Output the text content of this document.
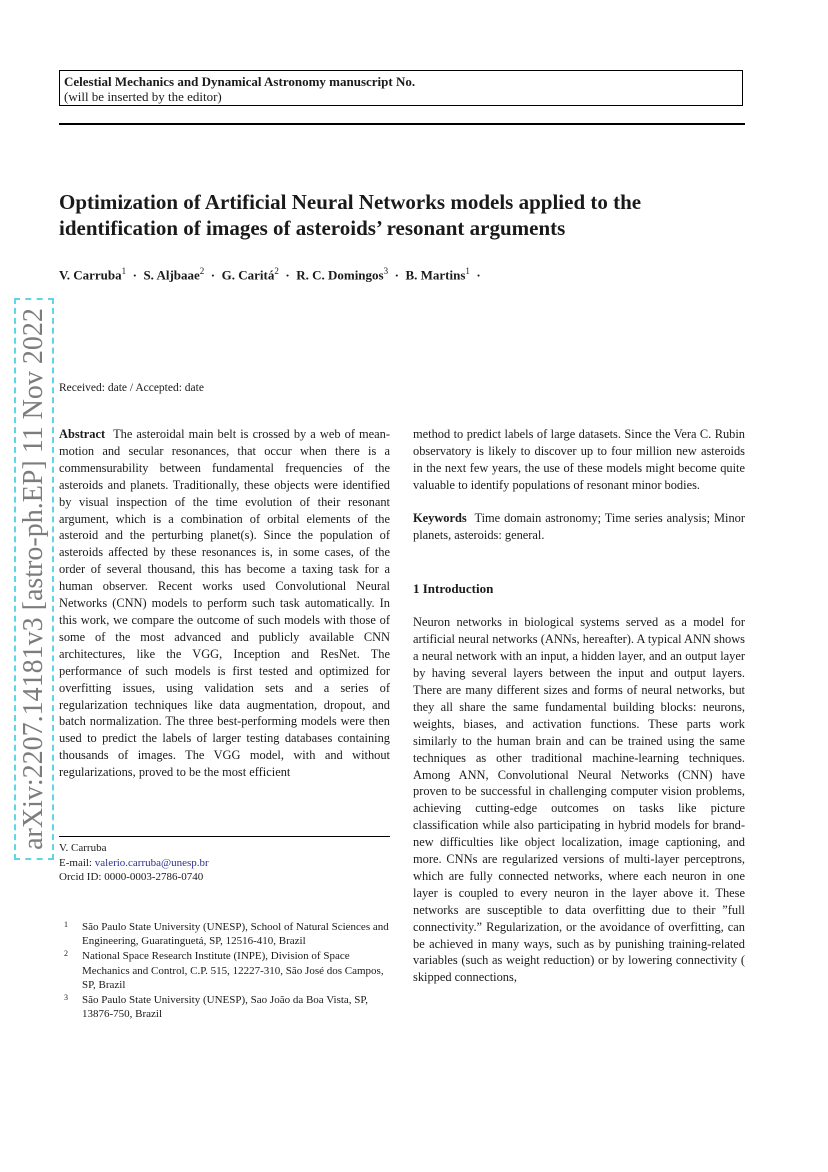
Celestial Mechanics and Dynamical Astronomy manuscript No.
(will be inserted by the editor)
Optimization of Artificial Neural Networks models applied to the identification of images of asteroids’ resonant arguments
V. Carruba$^1$  ·  S. Aljbaae$^2$  ·  G. Caritá$^2$  ·  R. C. Domingos$^3$  ·  B. Martins$^1$  ·
Received: date / Accepted: date
arXiv:2207.14181v3 [astro-ph.EP] 11 Nov 2022 Abstract The asteroidal main belt is crossed by a web of mean-motion and secular resonances, that occur when there is a commensurability between fundamental frequencies of the asteroids and planets. Traditionally, these objects were identified by visual inspection of the time evolution of their resonant argument, which is a combination of orbital elements of the asteroid and the perturbing planet(s). Since the population of asteroids affected by these resonances is, in some cases, of the order of several thousand, this has become a taxing task for a human observer. Recent works used Convolutional Neural Networks (CNN) models to perform such task automatically. In this work, we compare the outcome of such models with those of some of the most advanced and publicly available CNN architectures, like the VGG, Inception and ResNet. The performance of such models is first tested and optimized for overfitting issues, using validation sets and a series of regularization techniques like data augmentation, dropout, and batch normalization. The three best-performing models were then used to predict the labels of larger testing databases containing thousands of images. The VGG model, with and without regularizations, proved to be the most efficient

method to predict labels of large datasets. Since the Vera C. Rubin observatory is likely to discover up to four million new asteroids in the next few years, the use of these models might become quite valuable to identify populations of resonant minor bodies.

Keywords Time domain astronomy; Time series analysis; Minor planets, asteroids: general.

1 Introduction

Neuron networks in biological systems served as a model for artificial neural networks (ANNs, hereafter). A typical ANN shows a neural network with an input, a hidden layer, and an output layer by having several layers between the input and output layers. There are many different sizes and forms of neural networks, but they all share the same fundamental building blocks: neurons, weights, biases, and activation functions. These parts work similarly to the human brain and can be trained using the same techniques as other traditional machine-learning techniques. Among ANN, Convolutional Neural Networks (CNN) have proven to be successful in challenging computer vision problems, achieving cutting-edge outcomes on tasks like picture classification while also participating in hybrid models for brand-new difficulties like object localization, image captioning, and more. CNNs are regularized versions of multi-layer perceptrons, which are fully connected networks, where each neuron in one layer is coupled to every neuron in the layer above it. These networks are susceptible to data overfitting due to their ”full connectivity.” Regularization, or the avoidance of overfitting, can be achieved in many ways, such as by punishing training-related variables (such as weight reduction) or by lowering connectivity ( skipped connections,

V. Carruba
E-mail: valerio.carruba@unesp.br
Orcid ID: 0000-0003-2786-0740
1 São Paulo State University (UNESP), School of Natural Sciences and Engineering, Guaratinguetá, SP, 12516-410, Brazil
2 National Space Research Institute (INPE), Division of Space Mechanics and Control, C.P. 515, 12227-310, São José dos Campos, SP, Brazil
3 São Paulo State University (UNESP), Sao João da Boa Vista, SP, 13876-750, Brazil
